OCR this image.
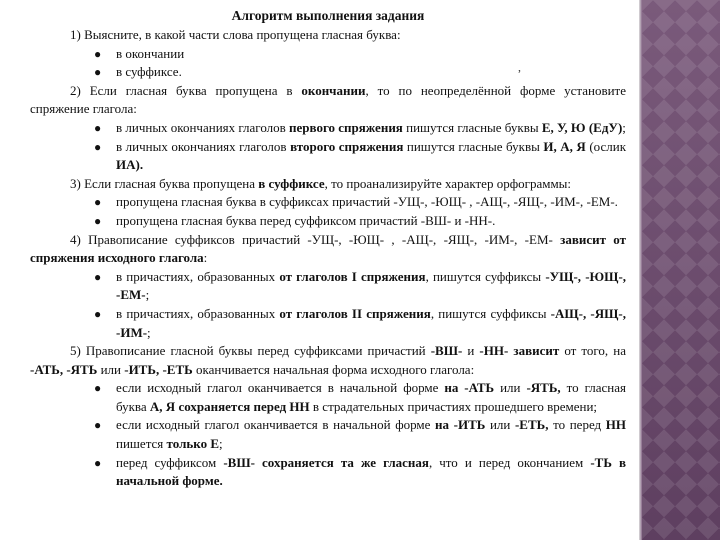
,

Алгоритм выполнения задания

1) Выясните, в какой части слова пропущена гласная буква:

● в окончании
● в суффиксе.

2) Если гласная буква пропущена в окончании, то по неопределённой форме установите спряжение глагола:

● в личных окончаниях глаголов первого спряжения пишутся гласные буквы Е, У, Ю (ЕдУ);
● в личных окончаниях глаголов второго спряжения пишутся гласные буквы И, А, Я (ослик ИА).

3) Если гласная буква пропущена в суффиксе, то проанализируйте характер орфограммы:

● пропущена гласная буква в суффиксах причастий -УЩ-, -ЮЩ- , -АЩ-, -ЯЩ-, -ИМ-, -ЕМ-.
● пропущена гласная буква перед суффиксом причастий -ВШ- и -НН-.

4) Правописание суффиксов причастий -УЩ-, -ЮЩ- , -АЩ-, -ЯЩ-, -ИМ-, -ЕМ- зависит от спряжения исходного глагола:

● в причастиях, образованных от глаголов I спряжения, пишутся суффиксы -УЩ-, -ЮЩ-, -ЕМ-;
● в причастиях, образованных от глаголов II спряжения, пишутся суффиксы -АЩ-, -ЯЩ-, -ИМ-;

5) Правописание гласной буквы перед суффиксами причастий -ВШ- и -НН- зависит от того, на -АТЬ, -ЯТЬ или -ИТЬ, -ЕТЬ оканчивается начальная форма исходного глагола:

● если исходный глагол оканчивается в начальной форме на -АТЬ или -ЯТЬ, то гласная буква А, Я сохраняется перед НН в страдательных причастиях прошедшего времени;
● если исходный глагол оканчивается в начальной форме на -ИТЬ или -ЕТЬ, то перед НН пишется только Е;
● перед суффиксом -ВШ- сохраняется та же гласная, что и перед окончанием -ТЬ в начальной форме.
